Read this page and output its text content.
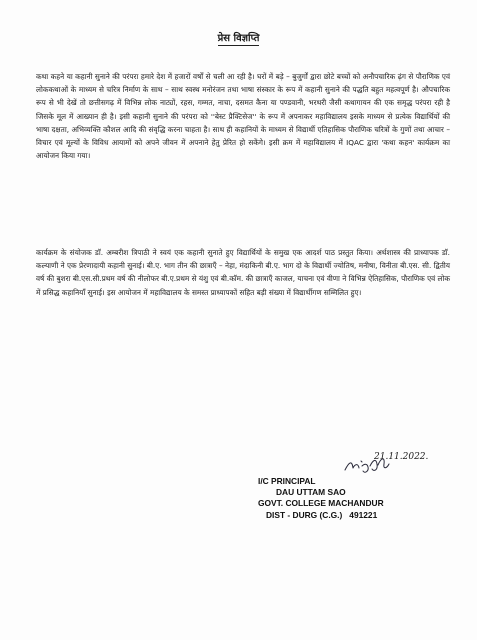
प्रेस विज्ञप्ति
कथा कहने या कहानी सुनाने की परंपरा हमारे देश में हजारों वर्षों से चली आ रही है। घरों में बड़े – बुजुर्गों द्वारा छोटे बच्चों को अनौपचारिक ढ़ंग से पौराणिक एवं लोककथाओं के माध्यम से चरित्र निर्माण के साथ – साथ स्वस्थ मनोरंजन तथा भाषा संस्कार के रूप में कहानी सुनाने की पद्धति बहुत महत्वपूर्ण है। औपचारिक रूप से भी देखें तो छत्तीसगढ़ में विभिन्न लोक नाट्यों, रहस, गम्मत, नाचा, दसमत कैना या पण्डवानी, भरथरी जैसी कथागायन की एक समृद्ध परंपरा रही है जिसके मूल में आख्यान ही है। इसी कहानी सुनाने की परंपरा को ''बेस्ट प्रैक्टिसेज'' के रूप में अपनाकर महाविद्यालय इसके माध्यम से प्रत्येक विद्यार्थियों की भाषा दक्षता, अभिव्यक्ति कौशल आदि की संवृद्धि करना चाहता है। साथ ही कहानियों के माध्यम से विद्यार्थी एतिहासिक पौराणिक चरित्रों के गुणों तथा आचार – विचार एवं मूल्यों के विविध आयामों को अपने जीवन में अपनाने हेतु प्रेरित हो सकेंगे। इसी क्रम में महाविद्यालय में IQAC द्वारा 'कथा कहन' कार्यक्रम का आयोजन किया गया।
कार्यक्रम के संयोजक डॉ. अम्बरीश त्रिपाठी ने स्वयं एक कहानी सुनाते हुए विद्यार्थियों के समुख एक आदर्श पाठ प्रस्तुत किया। अर्थशास्त्र की प्राध्यापक डॉ. कल्याणी ने एक प्रेरणादायी कहानी सुनाई। बी.ए. भाग तीन की छात्राएँ – नेहा, मंदाकिनी बी.ए. भाग दो के विद्यार्थी ज्योतिष, मनीषा, विनीता बी.एस. सी. द्वितीय वर्ष की बुशरा बी.एस.सी.प्रथम वर्ष की नीलोफर बी.ए.प्रथम से यंशु एवं बी.कॉम. की छात्राएँ काजल, याचना एवं वीणा ने विभिन्न ऐतिहासिक, पौराणिक एवं लोक में प्रसिद्ध कहानियाँ सुनाई। इस आयोजन में महाविद्यालय के समस्त प्राध्यापकों सहित बड़ी संख्या में विद्यार्थीगण सम्मिलित हुए।
21.11.2022.
I/C PRINCIPAL
DAU UTTAM SAO
GOVT. COLLEGE MACHANDUR
DIST - DURG (C.G.)   491221
